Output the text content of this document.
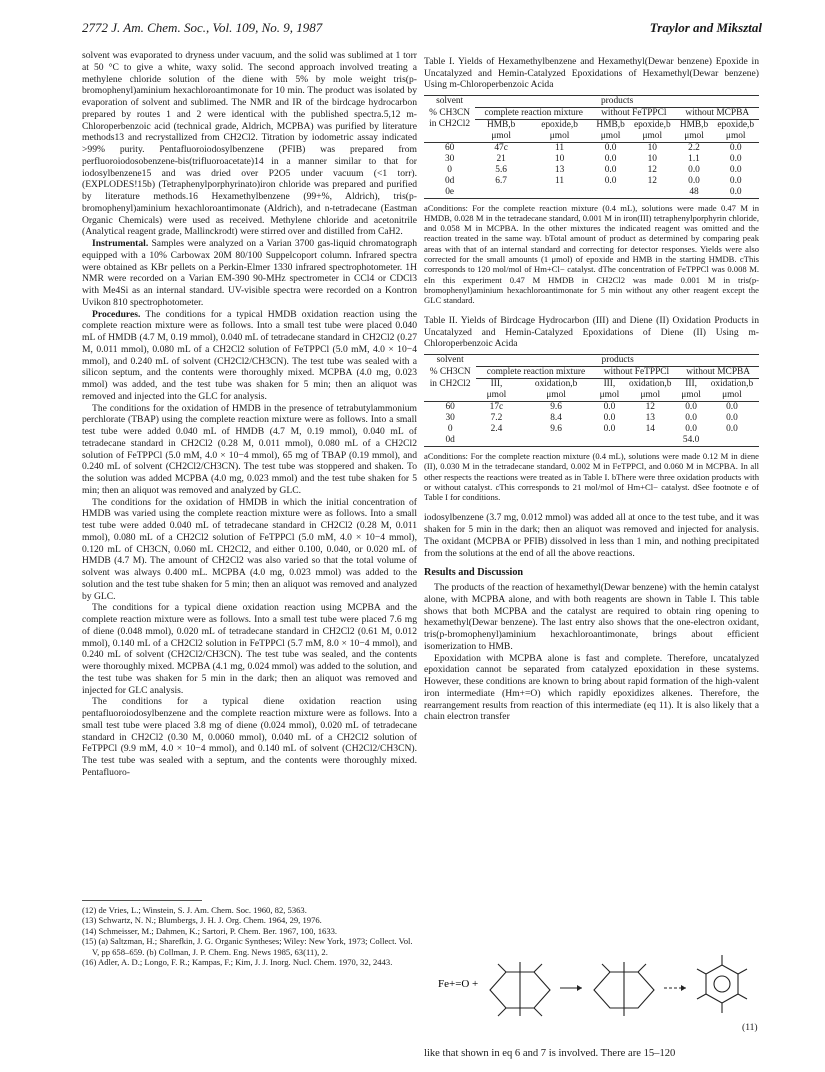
2772 J. Am. Chem. Soc., Vol. 109, No. 9, 1987	Traylor and Miksztal

solvent was evaporated to dryness under vacuum, and the solid was sublimed at 1 torr at 50 °C to give a white, waxy solid. The second approach involved treating a methylene chloride solution of the diene with 5% by mole weight tris(p-bromophenyl)aminium hexachloroantimonate for 10 min. The product was isolated by evaporation of solvent and sublimed. The NMR and IR of the birdcage hydrocarbon prepared by routes 1 and 2 were identical with the published spectra.5,12 m-Chloroperbenzoic acid (technical grade, Aldrich, MCPBA) was purified by literature methods13 and recrystallized from CH2Cl2. Titration by iodometric assay indicated >99% purity. Pentafluoroiodosylbenzene (PFIB) was prepared from perfluoroiodosobenzene-bis(trifluoroacetate)14 in a manner similar to that for iodosylbenzene15 and was dried over P2O5 under vacuum (<1 torr). (EXPLODES!15b) (Tetraphenylporphyrinato)iron chloride was prepared and purified by literature methods.16 Hexamethylbenzene (99+%, Aldrich), tris(p-bromophenyl)aminium hexachloroantimonate (Aldrich), and n-tetradecane (Eastman Organic Chemicals) were used as received. Methylene chloride and acetonitrile (Analytical reagent grade, Mallinckrodt) were stirred over and distilled from CaH2.

Instrumental. Samples were analyzed on a Varian 3700 gas-liquid chromatograph equipped with a 10% Carbowax 20M 80/100 Suppelcoport column. Infrared spectra were obtained as KBr pellets on a Perkin-Elmer 1330 infrared spectrophotometer. 1H NMR were recorded on a Varian EM-390 90-MHz spectrometer in CCl4 or CDCl3 with Me4Si as an internal standard. UV-visible spectra were recorded on a Kontron Uvikon 810 spectrophotometer.

Procedures. The conditions for a typical HMDB oxidation reaction using the complete reaction mixture were as follows. Into a small test tube were placed 0.040 mL of HMDB (4.7 M, 0.19 mmol), 0.040 mL of tetradecane standard in CH2Cl2 (0.27 M, 0.011 mmol), 0.080 mL of a CH2Cl2 solution of FeTPPCl (5.0 mM, 4.0 × 10−4 mmol), and 0.240 mL of solvent (CH2Cl2/CH3CN). The test tube was sealed with a silicon septum, and the contents were thoroughly mixed. MCPBA (4.0 mg, 0.023 mmol) was added, and the test tube was shaken for 5 min; then an aliquot was removed and injected into the GLC for analysis.

The conditions for the oxidation of HMDB in the presence of tetrabutylammonium perchlorate (TBAP) using the complete reaction mixture were as follows. Into a small test tube were added 0.040 mL of HMDB (4.7 M, 0.19 mmol), 0.040 mL of tetradecane standard in CH2Cl2 (0.28 M, 0.011 mmol), 0.080 mL of a CH2Cl2 solution of FeTPPCl (5.0 mM, 4.0 × 10−4 mmol), 65 mg of TBAP (0.19 mmol), and 0.240 mL of solvent (CH2Cl2/CH3CN). The test tube was stoppered and shaken. To the solution was added MCPBA (4.0 mg, 0.023 mmol) and the test tube shaken for 5 min; then an aliquot was removed and analyzed by GLC.

The conditions for the oxidation of HMDB in which the initial concentration of HMDB was varied using the complete reaction mixture were as follows. Into a small test tube were added 0.040 mL of tetradecane standard in CH2Cl2 (0.28 M, 0.011 mmol), 0.080 mL of a CH2Cl2 solution of FeTPPCl (5.0 mM, 4.0 × 10−4 mmol), 0.120 mL of CH3CN, 0.060 mL CH2Cl2, and either 0.100, 0.040, or 0.020 mL of HMDB (4.7 M). The amount of CH2Cl2 was also varied so that the total volume of solvent was always 0.400 mL. MCPBA (4.0 mg, 0.023 mmol) was added to the solution and the test tube shaken for 5 min; then an aliquot was removed and analyzed by GLC.

The conditions for a typical diene oxidation reaction using MCPBA and the complete reaction mixture were as follows. Into a small test tube were placed 7.6 mg of diene (0.048 mmol), 0.020 mL of tetradecane standard in CH2Cl2 (0.61 M, 0.012 mmol), 0.140 mL of a CH2Cl2 solution in FeTPPCl (5.7 mM, 8.0 × 10−4 mmol), and 0.240 mL of solvent (CH2Cl2/CH3CN). The test tube was sealed, and the contents were thoroughly mixed. MCPBA (4.1 mg, 0.024 mmol) was added to the solution, and the test tube was shaken for 5 min in the dark; then an aliquot was removed and injected for GLC analysis.

The conditions for a typical diene oxidation reaction using pentafluoroiodosylbenzene and the complete reaction mixture were as follows. Into a small test tube were placed 3.8 mg of diene (0.024 mmol), 0.020 mL of tetradecane standard in CH2Cl2 (0.30 M, 0.0060 mmol), 0.040 mL of a CH2Cl2 solution of FeTPPCl (9.9 mM, 4.0 × 10−4 mmol), and 0.140 mL of solvent (CH2Cl2/CH3CN). The test tube was sealed with a septum, and the contents were thoroughly mixed. Pentafluoro-

(12) de Vries, L.; Winstein, S. J. Am. Chem. Soc. 1960, 82, 5363.

(13) Schwartz, N. N.; Blumbergs, J. H. J. Org. Chem. 1964, 29, 1976.

(14) Schmeisser, M.; Dahmen, K.; Sartori, P. Chem. Ber. 1967, 100, 1633.

(15) (a) Saltzman, H.; Sharefkin, J. G. Organic Syntheses; Wiley: New York, 1973; Collect. Vol. V, pp 658–659. (b) Collman, J. P. Chem. Eng. News 1985, 63(11), 2.

(16) Adler, A. D.; Longo, F. R.; Kampas, F.; Kim, J. J. Inorg. Nucl. Chem. 1970, 32, 2443.

Table I. Yields of Hexamethylbenzene and Hexamethyl(Dewar benzene) Epoxide in Uncatalyzed and Hemin-Catalyzed Epoxidations of Hexamethyl(Dewar benzene) Using m-Chloroperbenzoic Acida
solvent	products					
% CH3CN	complete reaction mixture		without FeTPPCl		without MCPBA	
in CH2Cl2	HMB,b	epoxide,b	HMB,b	epoxide,b	HMB,b	epoxide,b
	μmol	μmol	μmol	μmol	μmol	μmol
60	47c	11	0.0	10	2.2	0.0
30	21	10	0.0	10	1.1	0.0
0	5.6	13	0.0	12	0.0	0.0
0d	6.7	11	0.0	12	0.0	0.0
0e					48	0.0
aConditions: For the complete reaction mixture (0.4 mL), solutions were made 0.47 M in HMDB, 0.028 M in the tetradecane standard, 0.001 M in iron(III) tetraphenylporphyrin chloride, and 0.058 M in MCPBA. In the other mixtures the indicated reagent was omitted and the reaction treated in the same way. bTotal amount of product as determined by comparing peak areas with that of an internal standard and correcting for detector responses. Yields were also corrected for the small amounts (1 μmol) of epoxide and HMB in the starting HMDB. cThis corresponds to 120 mol/mol of Hm+Cl− catalyst. dThe concentration of FeTPPCl was 0.008 M. eIn this experiment 0.47 M HMDB in CH2Cl2 was made 0.001 M in tris(p-bromophenyl)aminium hexachloroantimonate for 5 min without any other reagent except the GLC standard.
Table II. Yields of Birdcage Hydrocarbon (III) and Diene (II) Oxidation Products in Uncatalyzed and Hemin-Catalyzed Epoxidations of Diene (II) Using m-Chloroperbenzoic Acida
solvent	products					
% CH3CN	complete reaction mixture		without FeTPPCl		without MCPBA	
in CH2Cl2	III,	oxidation,b	III,	oxidation,b	III,	oxidation,b
	μmol	μmol	μmol	μmol	μmol	μmol
60	17c	9.6	0.0	12	0.0	0.0
30	7.2	8.4	0.0	13	0.0	0.0
0	2.4	9.6	0.0	14	0.0	0.0
0d					54.0	
aConditions: For the complete reaction mixture (0.4 mL), solutions were made 0.12 M in diene (II), 0.030 M in the tetradecane standard, 0.002 M in FeTPPCl, and 0.060 M in MCPBA. In all other respects the reactions were treated as in Table I. bThere were three oxidation products with or without catalyst. cThis corresponds to 21 mol/mol of Hm+Cl− catalyst. dSee footnote e of Table I for conditions.

iodosylbenzene (3.7 mg, 0.012 mmol) was added all at once to the test tube, and it was shaken for 5 min in the dark; then an aliquot was removed and injected for analysis. The oxidant (MCPBA or PFIB) dissolved in less than 1 min, and nothing precipitated from the solutions at the end of all the above reactions.

Results and Discussion

The products of the reaction of hexamethyl(Dewar benzene) with the hemin catalyst alone, with MCPBA alone, and with both reagents are shown in Table I. This table shows that both MCPBA and the catalyst are required to obtain ring opening to hexamethyl(Dewar benzene). The last entry also shows that the one-electron oxidant, tris(p-bromophenyl)aminium hexachloroantimonate, brings about efficient isomerization to HMB.

Epoxidation with MCPBA alone is fast and complete. Therefore, uncatalyzed epoxidation cannot be separated from catalyzed epoxidation in these systems. However, these conditions are known to bring about rapid formation of the high-valent iron intermediate (Hm+=O) which rapidly epoxidizes alkenes. Therefore, the rearrangement results from reaction of this intermediate (eq 11). It is also likely that a chain electron transfer

Fe+=O +
(11)
like that shown in eq 6 and 7 is involved. There are 15–120
